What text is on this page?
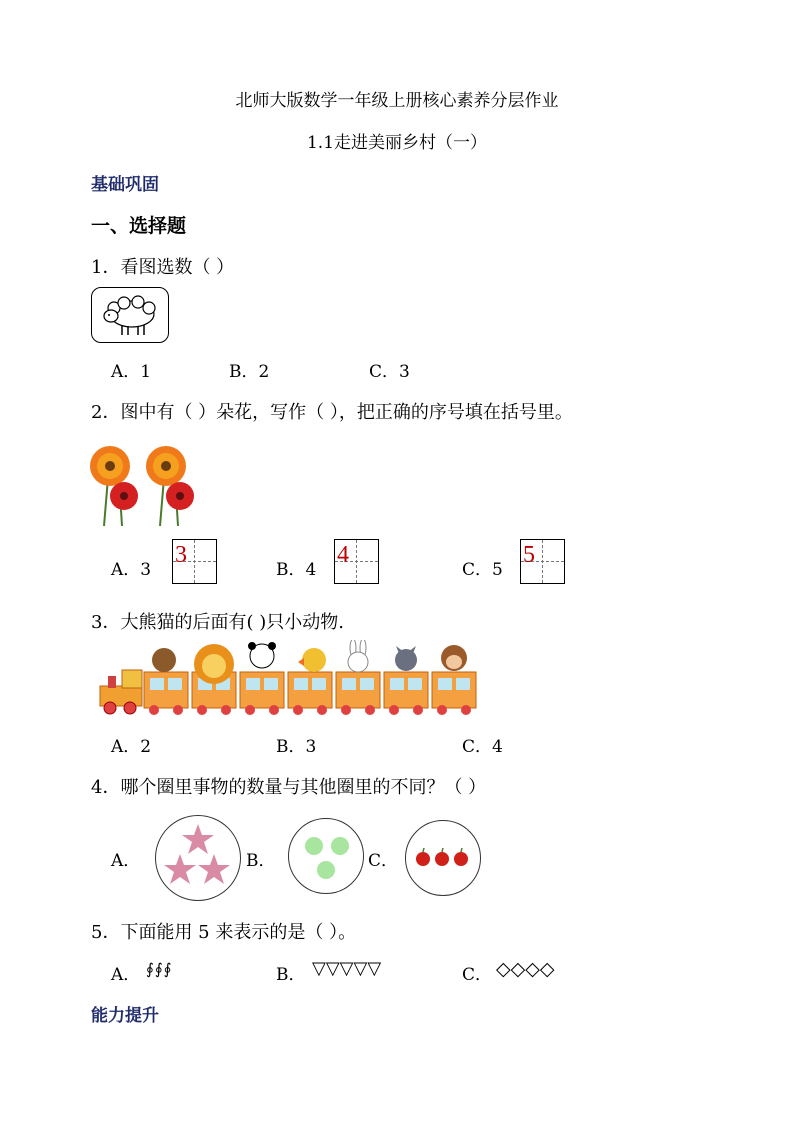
北师大版数学一年级上册核心素养分层作业
1.1走进美丽乡村（一）
基础巩固
一、选择题
1．看图选数（ ）
A．1	B．2	C．3
2．图中有（ ）朵花，写作（ ），把正确的序号填在括号里。
A．3
3
B．4
4
C．5
5
3．大熊猫的后面有( )只小动物.
A．2	B．3	C．4
4．哪个圈里事物的数量与其他圈里的不同？（ ）
A．	B．	C．
5．下面能用 5 来表示的是（ ）。
A． ∮∮∮	B． ▽▽▽▽▽	C． ◇◇◇◇
能力提升
